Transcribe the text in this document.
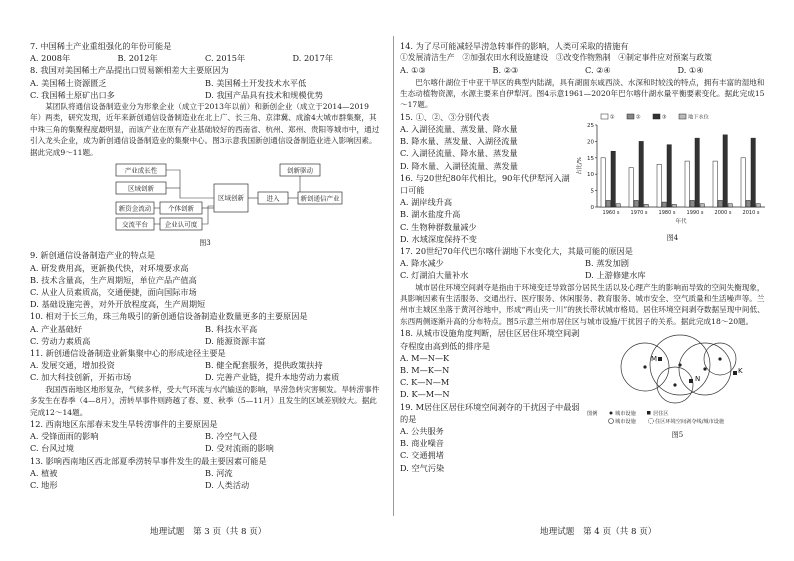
7. 中国稀土产业重组强化的年份可能是

A. 2008年	B. 2012年	C. 2015年	D. 2017年

8. 我国对美国稀土产品提出口贸易额相差大主要原因为

A. 美国稀土资源匮乏	B. 美国稀土开发技术水平低
C. 我国稀土原矿出口多	D. 我国产品具有技术和规模优势

某团队将通信设备制造业分为形象企业（成立于2013年以前）和新创企业（成立于2014—2019年）两类，研究发现，近年来新创通信设备制造业在北上广、长三角、京津冀、成渝4大城市群集聚，其中珠三角的集聚程度最明显，而该产业在原有产业基础较好的西南省、杭州、郑州、贵阳等城市中，通过引入龙头企业，成为新创通信设备制造业的集聚中心。图3示意我国新创通信设备制造业进入影响因素。据此完成9～11题。

产业成长性
区域创新
新资金流动
交流平台
个体创新
企业认可度
区域创新	进入
创新驱动
新创通信产业
图3

9. 新创通信设备制造产业的特点是

A. 研发费用高，更新换代快，对环境要求高
B. 技术含量高，生产周期短，单位产品产值高
C. 从业人员素质高，交通便捷，面向国际市场
D. 基础设施完善，对外开放程度高，生产周期短

10. 相对于长三角，珠三角吸引的新创通信设备制造业数量更多的主要原因是

A. 产业基础好	B. 科技水平高
C. 劳动力素质高	D. 能源资源丰富

11. 新创通信设备制造业新集聚中心的形成途径主要是

A. 发展交通，增加投资	B. 健全配套服务，提供政策扶持
C. 加大科技创新，开拓市场	D. 完善产业链，提升本地劳动力素质

我国西南地区地形复杂，气候多样，受大气环流与水汽输送的影响，旱涝急转灾害频发。旱转涝事件多发生在春季（4—8月），涝转旱事件则跨越了春、夏、秋季（5—11月）且发生的区域差别较大。据此完成12～14题。

12. 西南地区东部春末发生旱转涝事件的主要原因是

A. 受锋面雨的影响	B. 冷空气入侵
C. 台风过境	D. 受对流雨的影响

13. 影响西南地区西北部夏季涝转旱事件发生的最主要因素可能是

A. 植被	B. 河流
C. 地形	D. 人类活动
地理试题　第 3 页（共 8 页）

14. 为了尽可能减轻旱涝急转事件的影响，人类可采取的措施有

①发展清洁生产　②加强农田水利设施建设　③改变作物熟制　④制定事件应对预案与政策

A. ①③	B. ②③	C. ②④	D. ①④

巴尔喀什湖位于中亚干旱区的典型内陆湖，具有湖面东咸西淡、水深和时较浅的特点，拥有丰富的湿地和生态动植物资源，水源主要来自伊犁河。图4示意1961—2020年巴尔喀什湖水量平衡要素变化。据此完成15～17题。

15. ①、②、③分别代表

A. 入湖径流量、蒸发量、降水量
B. 降水量、蒸发量、入湖径流量
C. 入湖径流量、降水量、蒸发量
D. 降水量、入湖径流量、蒸发量

16. 与20世纪80年代相比，90年代伊犁河入湖口可能

A. 湖岸线升高
B. 湖水盐度升高
C. 生物种群数量减少
D. 水域深度保持不变
0
5
10
15
20
25
占比/%
年代
1960 s 1970 s 1980 s 1990 s 2000 s 2010 s
①	②	③	地下水位
图4

17. 20世纪70年代巴尔喀什湖地下水变化大，其最可能的原因是

A. 降水减少	B. 蒸发加剧
C. 灯湖泊大量补水	D. 上游修建水库

城市居住环境空间剥夺是指由于环境变迁导致部分居民生活以及心理产生的影响而导致的空间失衡现象，具影响因素有生活服务、交通出行、医疗服务、休闲服务、教育服务、城市安全、空气质量和生活噪声等。兰州市主城区坐落于黄河谷地中，形成“两山夹一川”的狭长带状城市格局。居住环境空间剥夺数据呈现中间低、东西两侧逐渐升高的分布特点。图5示意兰州市居住区与城市设施/干扰因子的关系。据此完成18～20题。

18. 从城市设施角度判断，居住区居住环境空间剥夺程度由高到低的排序是

A. M—N—K
B. M—K—N
C. K—N—M
D. K—M—N

19. M居住区居住环境空间剥夺的干扰因子中最弱的是

A. 公共服务
B. 商业噪音
C. 交通拥堵
D. 空气污染
M
N
K
图例	城市设施	居住区
城市设施	住区环境空间剥夺线/城市设施
图5
地理试题　第 4 页（共 8 页）
